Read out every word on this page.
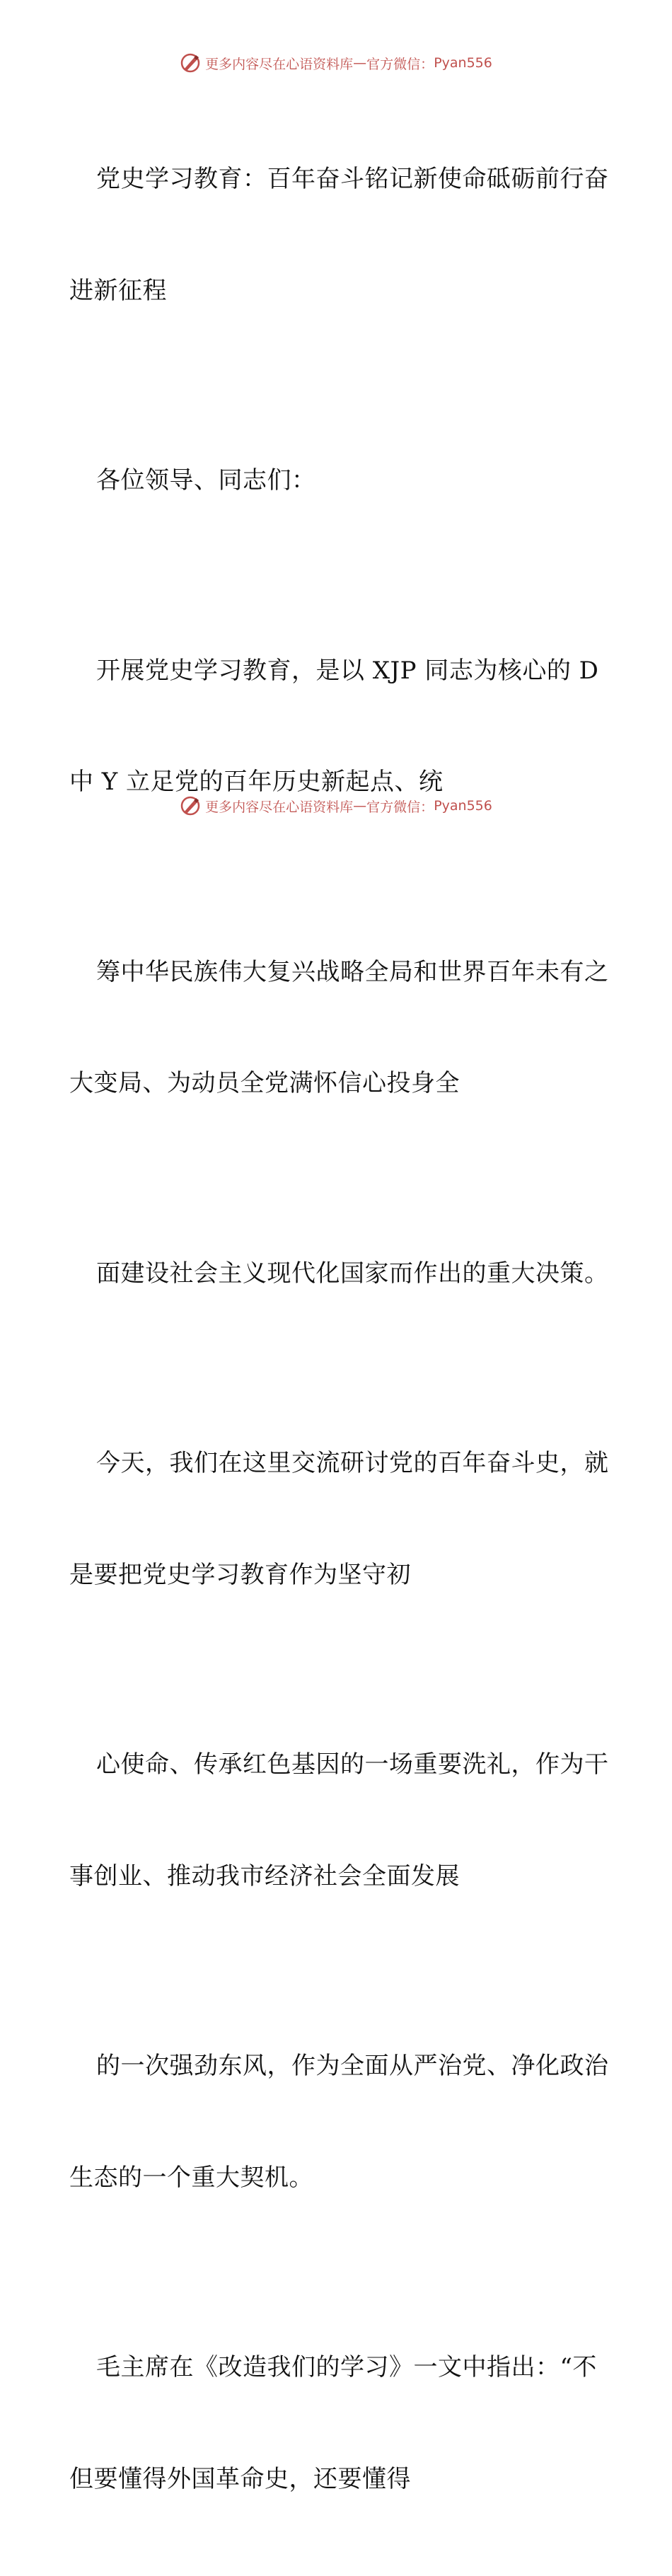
更多内容尽在心语资料库 — 官方微信： Pyan556

党史学习教育：百年奋斗铭记新使命砥砺前行奋

进新征程

各位领导、同志们：

开展党史学习教育，是以 XJP 同志为核心的 D

中 Y 立足党的百年历史新起点、统

筹中华民族伟大复兴战略全局和世界百年未有之

大变局、为动员全党满怀信心投身全

面建设社会主义现代化国家而作出的重大决策。

今天，我们在这里交流研讨党的百年奋斗史，就

是要把党史学习教育作为坚守初

心使命、传承红色基因的一场重要洗礼，作为干

事创业、推动我市经济社会全面发展

的一次强劲东风，作为全面从严治党、净化政治

生态的一个重大契机。

毛主席在《改造我们的学习》一文中指出：“不

但要懂得外国革命史，还要懂得

更多内容尽在心语资料库 — 官方微信： Pyan556
